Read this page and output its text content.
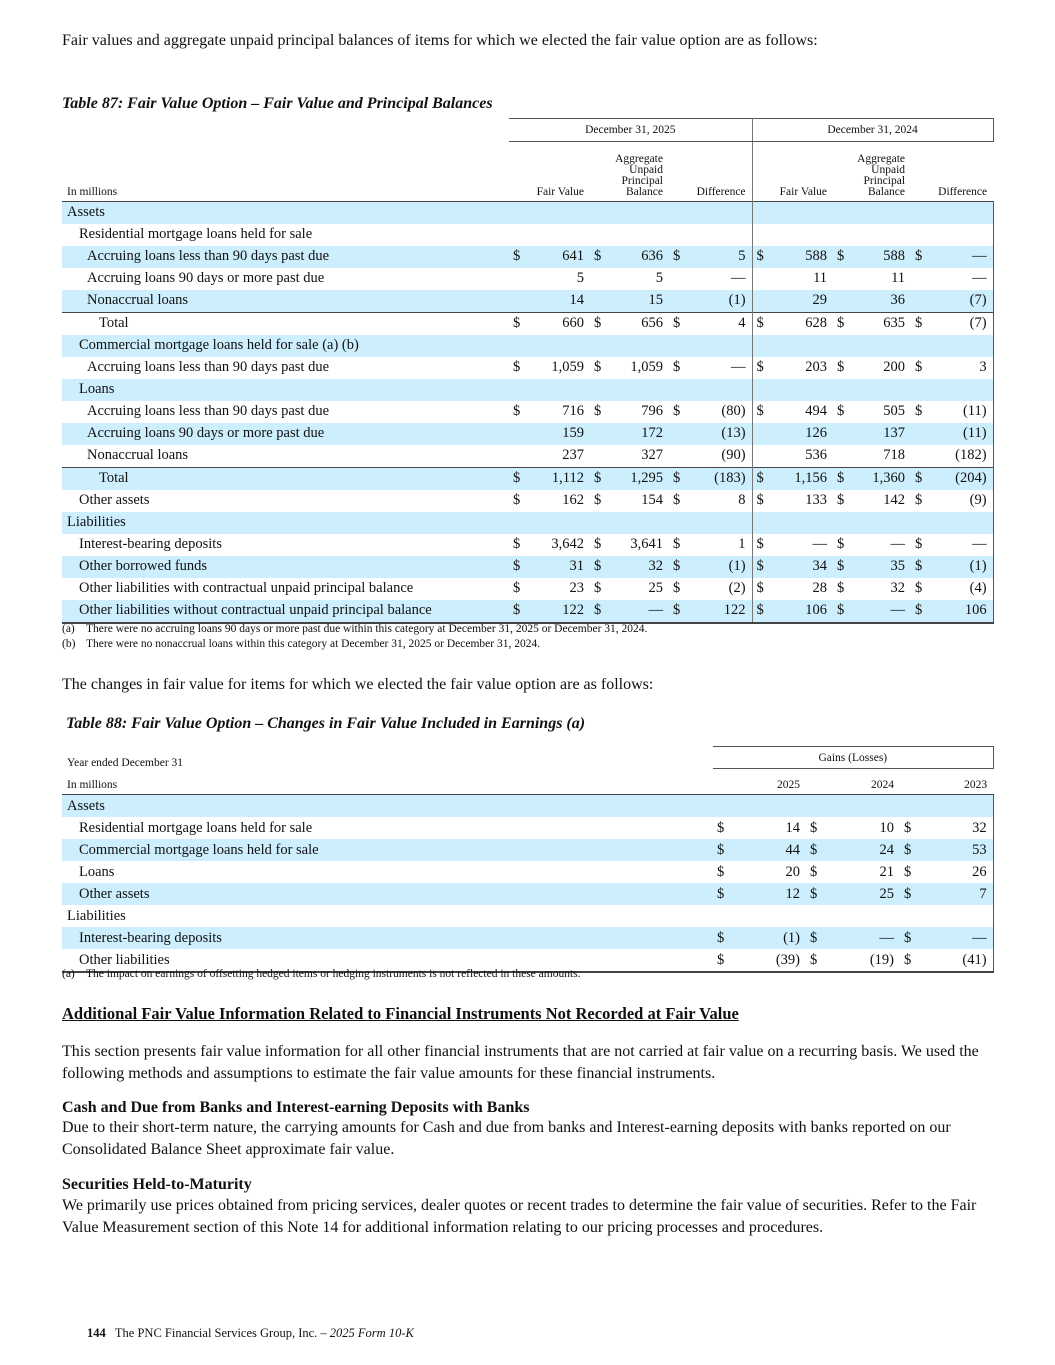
Fair values and aggregate unpaid principal balances of items for which we elected the fair value option are as follows:
Table 87: Fair Value Option – Fair Value and Principal Balances
	December 31, 2025						December 31, 2024					
In millions	Fair Value		Aggregate
Unpaid
Principal
Balance		Difference		Fair Value		Aggregate
Unpaid
Principal
Balance		Difference	
Assets												
Residential mortgage loans held for sale												
Accruing loans less than 90 days past due	$	641	$	636	$	5	$	588	$	588	$	—
Accruing loans 90 days or more past due		5		5		—		11		11		—
Nonaccrual loans		14		15		(1)		29		36		(7)
Total	$	660	$	656	$	4	$	628	$	635	$	(7)
Commercial mortgage loans held for sale (a) (b)												
Accruing loans less than 90 days past due	$	1,059	$	1,059	$	—	$	203	$	200	$	3
Loans												
Accruing loans less than 90 days past due	$	716	$	796	$	(80)	$	494	$	505	$	(11)
Accruing loans 90 days or more past due		159		172		(13)		126		137		(11)
Nonaccrual loans		237		327		(90)		536		718		(182)
Total	$	1,112	$	1,295	$	(183)	$	1,156	$	1,360	$	(204)
Other assets	$	162	$	154	$	8	$	133	$	142	$	(9)
Liabilities												
Interest-bearing deposits	$	3,642	$	3,641	$	1	$	—	$	—	$	—
Other borrowed funds	$	31	$	32	$	(1)	$	34	$	35	$	(1)
Other liabilities with contractual unpaid principal balance	$	23	$	25	$	(2)	$	28	$	32	$	(4)
Other liabilities without contractual unpaid principal balance	$	122	$	—	$	122	$	106	$	—	$	106
(a) There were no accruing loans 90 days or more past due within this category at December 31, 2025 or December 31, 2024.
(b) There were no nonaccrual loans within this category at December 31, 2025 or December 31, 2024.
The changes in fair value for items for which we elected the fair value option are as follows:
Table 88: Fair Value Option – Changes in Fair Value Included in Earnings (a)
Year ended December 31	Gains (Losses)					
In millions	2025		2024		2023	
Assets						
Residential mortgage loans held for sale	$	14	$	10	$	32
Commercial mortgage loans held for sale	$	44	$	24	$	53
Loans	$	20	$	21	$	26
Other assets	$	12	$	25	$	7
Liabilities						
Interest-bearing deposits	$	(1)	$	—	$	—
Other liabilities	$	(39)	$	(19)	$	(41)
(a) The impact on earnings of offsetting hedged items or hedging instruments is not reflected in these amounts.
Additional Fair Value Information Related to Financial Instruments Not Recorded at Fair Value
This section presents fair value information for all other financial instruments that are not carried at fair value on a recurring basis. We used the following methods and assumptions to estimate the fair value amounts for these financial instruments.
Cash and Due from Banks and Interest-earning Deposits with Banks
Due to their short-term nature, the carrying amounts for Cash and due from banks and Interest-earning deposits with banks reported on our Consolidated Balance Sheet approximate fair value.
Securities Held-to-Maturity
We primarily use prices obtained from pricing services, dealer quotes or recent trades to determine the fair value of securities. Refer to the Fair Value Measurement section of this Note 14 for additional information relating to our pricing processes and procedures.
144 The PNC Financial Services Group, Inc. – 2025 Form 10-K
